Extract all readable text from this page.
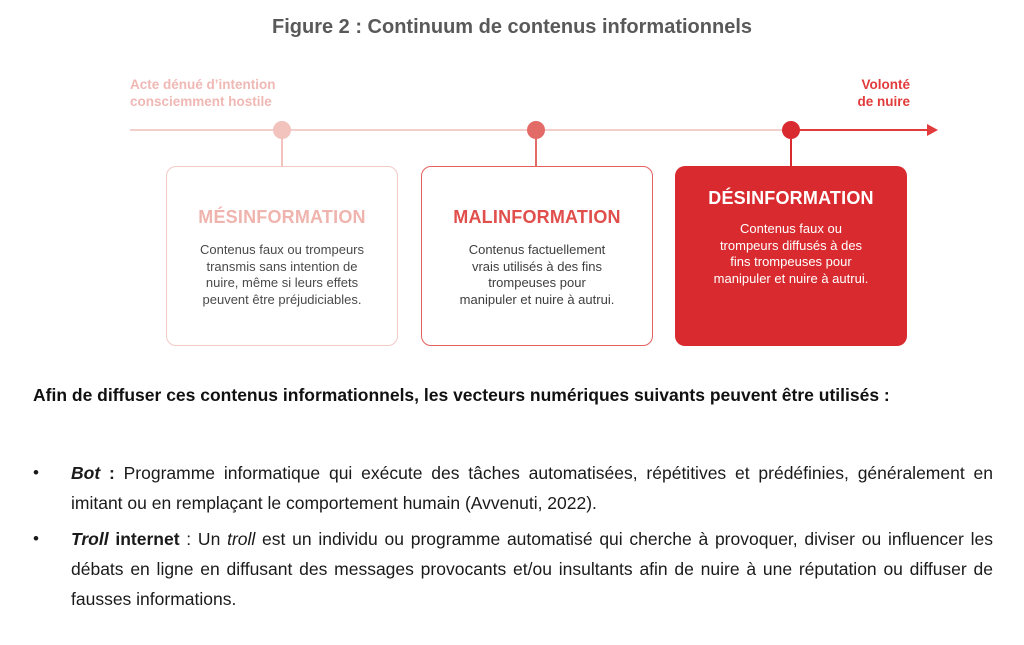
Figure 2 : Continuum de contenus informationnels
Acte dénué d’intention
consciemment hostile
Volonté
de nuire
MÉSINFORMATION
Contenus faux ou trompeurs
transmis sans intention de
nuire, même si leurs effets
peuvent être préjudiciables.
MALINFORMATION
Contenus factuellement
vrais utilisés à des fins
trompeuses pour
manipuler et nuire à autrui.
DÉSINFORMATION
Contenus faux ou
trompeurs diffusés à des
fins trompeuses pour
manipuler et nuire à autrui.
Afin de diffuser ces contenus informationnels, les vecteurs numériques suivants peuvent être utilisés :
• Bot : Programme informatique qui exécute des tâches automatisées, répétitives et prédéfinies, généralement en imitant ou en remplaçant le comportement humain (Avvenuti, 2022).
• Troll internet : Un troll est un individu ou programme automatisé qui cherche à provoquer, diviser ou influencer les débats en ligne en diffusant des messages provocants et/ou insultants afin de nuire à une réputation ou diffuser de fausses informations.
